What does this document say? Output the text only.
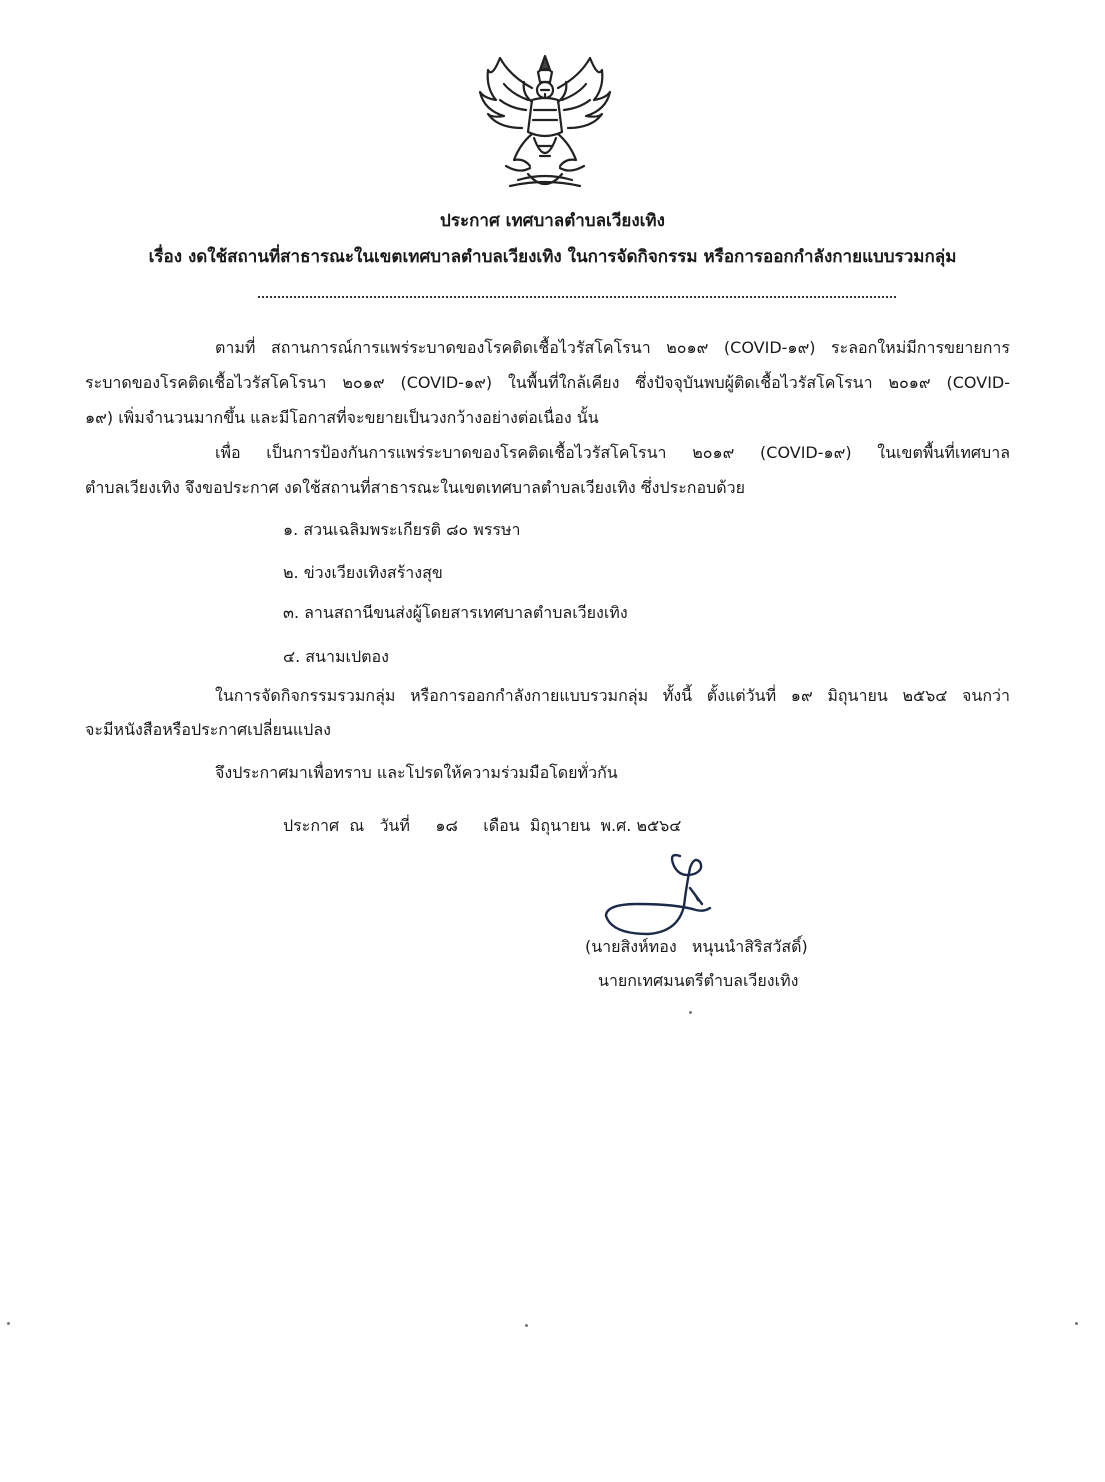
ประกาศ เทศบาลตำบลเวียงเทิง
เรื่อง งดใช้สถานที่สาธารณะในเขตเทศบาลตำบลเวียงเทิง ในการจัดกิจกรรม หรือการออกกำลังกายแบบรวมกลุ่ม
ตามที่ สถานการณ์การแพร่ระบาดของโรคติดเชื้อไวรัสโคโรนา ๒๐๑๙ (COVID-๑๙) ระลอกใหม่มีการขยายการ
ระบาดของโรคติดเชื้อไวรัสโคโรนา ๒๐๑๙ (COVID-๑๙) ในพื้นที่ใกล้เคียง ซึ่งปัจจุบันพบผู้ติดเชื้อไวรัสโคโรนา ๒๐๑๙ (COVID-
๑๙) เพิ่มจำนวนมากขึ้น และมีโอกาสที่จะขยายเป็นวงกว้างอย่างต่อเนื่อง นั้น
เพื่อ เป็นการป้องกันการแพร่ระบาดของโรคติดเชื้อไวรัสโคโรนา ๒๐๑๙ (COVID-๑๙) ในเขตพื้นที่เทศบาล
ตำบลเวียงเทิง จึงขอประกาศ งดใช้สถานที่สาธารณะในเขตเทศบาลตำบลเวียงเทิง ซึ่งประกอบด้วย
๑. สวนเฉลิมพระเกียรติ ๘๐ พรรษา
๒. ข่วงเวียงเทิงสร้างสุข
๓. ลานสถานีขนส่งผู้โดยสารเทศบาลตำบลเวียงเทิง
๔. สนามเปตอง
ในการจัดกิจกรรมรวมกลุ่ม หรือการออกกำลังกายแบบรวมกลุ่ม ทั้งนี้ ตั้งแต่วันที่ ๑๙ มิถุนายน ๒๕๖๔ จนกว่า
จะมีหนังสือหรือประกาศเปลี่ยนแปลง
จึงประกาศมาเพื่อทราบ และโปรดให้ความร่วมมือโดยทั่วกัน
ประกาศ  ณ   วันที่     ๑๘     เดือน  มิถุนายน  พ.ศ. ๒๕๖๔
(นายสิงห์ทอง   หนุนนำสิริสวัสดิ์)
นายกเทศมนตรีตำบลเวียงเทิง
